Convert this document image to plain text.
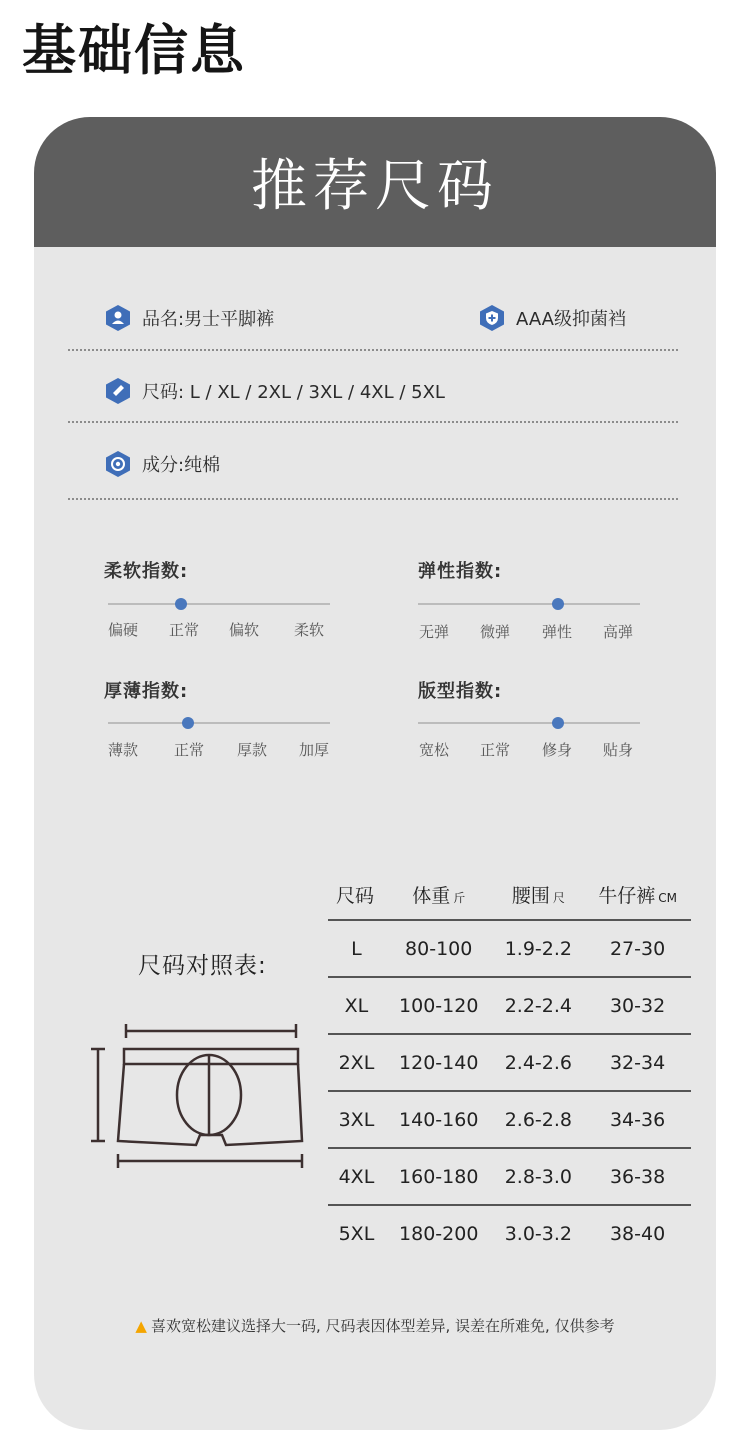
基础信息
推荐尺码
品名:男士平脚裤	AAA级抑菌裆
尺码: L / XL / 2XL / 3XL / 4XL / 5XL
成分:纯棉
柔软指数:
偏硬 正常 偏软 柔软
弹性指数:
无弹 微弹 弹性 高弹
厚薄指数:
薄款 正常 厚款 加厚
版型指数:
宽松 正常 修身 贴身
尺码对照表:
尺码	体重 斤	腰围 尺	牛仔裤 CM
L	80-100	1.9-2.2	27-30
XL	100-120	2.2-2.4	30-32
2XL	120-140	2.4-2.6	32-34
3XL	140-160	2.6-2.8	34-36
4XL	160-180	2.8-3.0	36-38
5XL	180-200	3.0-3.2	38-40
▲ 喜欢宽松建议选择大一码, 尺码表因体型差异, 误差在所难免, 仅供参考
